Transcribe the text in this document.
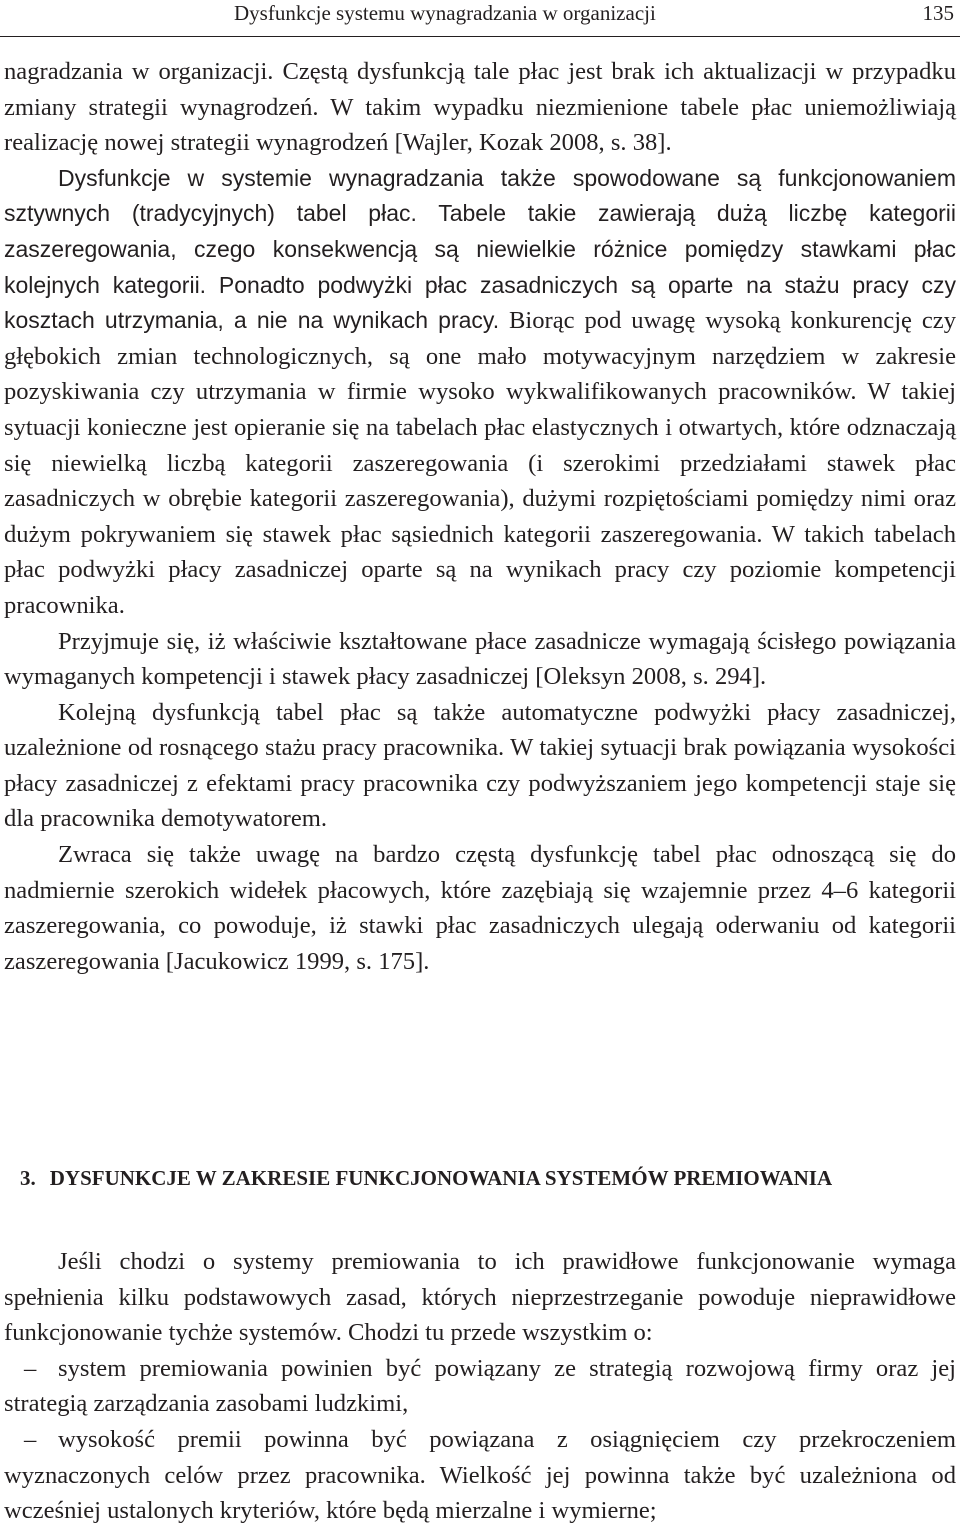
Dysfunkcje systemu wynagradzania w organizacji	135

nagradzania w organizacji. Częstą dysfunkcją tale płac jest brak ich aktualizacji w przypadku zmiany strategii wynagrodzeń. W takim wypadku niezmienione tabele płac uniemożliwiają realizację nowej strategii wynagrodzeń [Wajler, Kozak 2008, s. 38].

Dysfunkcje w systemie wynagradzania także spowodowane są funkcjonowaniem sztywnych (tradycyjnych) tabel płac. Tabele takie zawierają dużą liczbę kategorii zaszeregowania, czego konsekwencją są niewielkie różnice pomiędzy stawkami płac kolejnych kategorii. Ponadto podwyżki płac zasadniczych są oparte na stażu pracy czy kosztach utrzymania, a nie na wynikach pracy. Biorąc pod uwagę wysoką konkurencję czy głębokich zmian technologicznych, są one mało motywacyjnym narzędziem w zakresie pozyskiwania czy utrzymania w firmie wysoko wykwalifikowanych pracowników. W takiej sytuacji konieczne jest opieranie się na tabelach płac elastycznych i otwartych, które odznaczają się niewielką liczbą kategorii zaszeregowania (i szerokimi przedziałami stawek płac zasadniczych w obrębie kategorii zaszeregowania), dużymi rozpiętościami pomiędzy nimi oraz dużym pokrywaniem się stawek płac sąsiednich kategorii zaszeregowania. W takich tabelach płac podwyżki płacy zasadniczej oparte są na wynikach pracy czy poziomie kompetencji pracownika.

Przyjmuje się, iż właściwie kształtowane płace zasadnicze wymagają ścisłego powiązania wymaganych kompetencji i stawek płacy zasadniczej [Oleksyn 2008, s. 294].

Kolejną dysfunkcją tabel płac są także automatyczne podwyżki płacy zasadniczej, uzależnione od rosnącego stażu pracy pracownika. W takiej sytuacji brak powiązania wysokości płacy zasadniczej z efektami pracy pracownika czy podwyższaniem jego kompetencji staje się dla pracownika demotywatorem.

Zwraca się także uwagę na bardzo częstą dysfunkcję tabel płac odnoszącą się do nadmiernie szerokich widełek płacowych, które zazębiają się wzajemnie przez 4–6 kategorii zaszeregowania, co powoduje, iż stawki płac zasadniczych ulegają oderwaniu od kategorii zaszeregowania [Jacukowicz 1999, s. 175].

3. DYSFUNKCJE W ZAKRESIE FUNKCJONOWANIA SYSTEMÓW PREMIOWANIA

Jeśli chodzi o systemy premiowania to ich prawidłowe funkcjonowanie wymaga spełnienia kilku podstawowych zasad, których nieprzestrzeganie powoduje nieprawidłowe funkcjonowanie tychże systemów. Chodzi tu przede wszystkim o:

– system premiowania powinien być powiązany ze strategią rozwojową firmy oraz jej strategią zarządzania zasobami ludzkimi,

– wysokość premii powinna być powiązana z osiągnięciem czy przekroczeniem wyznaczonych celów przez pracownika. Wielkość jej powinna także być uzależniona od wcześniej ustalonych kryteriów, które będą mierzalne i wymierne;
